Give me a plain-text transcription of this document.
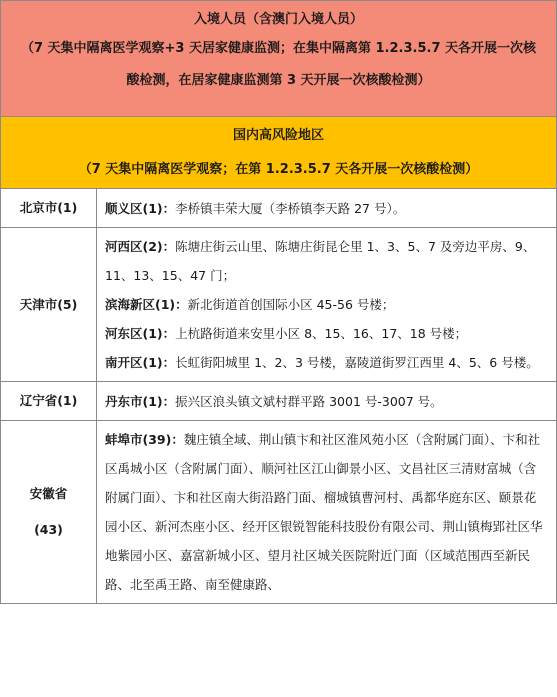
入境人员（含澳门入境人员）
（7 天集中隔离医学观察+3 天居家健康监测；在集中隔离第 1.2.3.5.7 天各开展一次核酸检测，在居家健康监测第 3 天开展一次核酸检测）
国内高风险地区
（7 天集中隔离医学观察；在第 1.2.3.5.7 天各开展一次核酸检测）
北京市(1)	顺义区(1)：李桥镇丰荣大厦（李桥镇李天路 27 号）。

天津市(5)	河西区(2)：陈塘庄街云山里、陈塘庄街昆仑里 1、3、5、7 及旁边平房、9、11、13、15、47 门；
滨海新区(1)：新北街道首创国际小区 45-56 号楼；
河东区(1)：上杭路街道来安里小区 8、15、16、17、18 号楼；
南开区(1)：长虹街阳城里 1、2、3 号楼，嘉陵道街罗江西里 4、5、6 号楼。

辽宁省(1)	丹东市(1)：振兴区浪头镇文斌村群平路 3001 号-3007 号。

安徽省
(43)	蚌埠市(39)：魏庄镇全域、荆山镇卞和社区淮风苑小区（含附属门面）、卞和社区禹城小区（含附属门面）、顺河社区江山御景小区、文昌社区三清财富城（含附属门面）、卞和社区南大街沿路门面、榴城镇曹河村、禹都华庭东区、颐景花园小区、新河杰座小区、经开区银锐智能科技股份有限公司、荆山镇梅郢社区华地紫园小区、嘉富新城小区、望月社区城关医院附近门面（区域范围西至新民路、北至禹王路、南至健康路、
